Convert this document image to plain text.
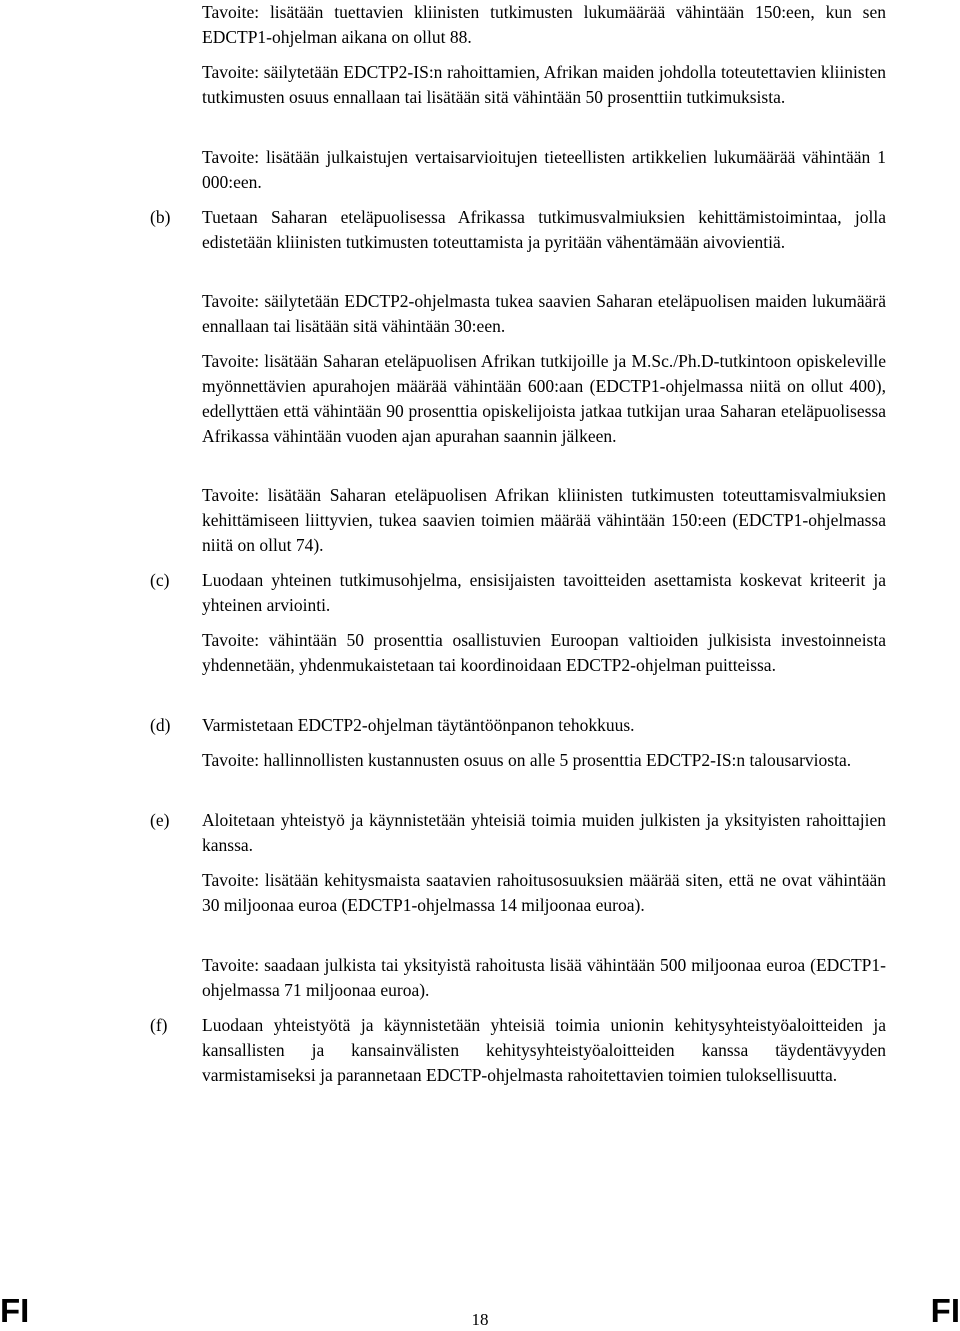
Tavoite: lisätään tuettavien kliinisten tutkimusten lukumäärää vähintään 150:een, kun sen EDCTP1-ohjelman aikana on ollut 88.

Tavoite: säilytetään EDCTP2-IS:n rahoittamien, Afrikan maiden johdolla toteutettavien kliinisten tutkimusten osuus ennallaan tai lisätään sitä vähintään 50 prosenttiin tutkimuksista.

Tavoite: lisätään julkaistujen vertaisarvioitujen tieteellisten artikkelien lukumäärää vähintään 1 000:een.

(b)	Tuetaan Saharan eteläpuolisessa Afrikassa tutkimusvalmiuksien kehittämistoimintaa, jolla edistetään kliinisten tutkimusten toteuttamista ja pyritään vähentämään aivovientiä.

Tavoite: säilytetään EDCTP2-ohjelmasta tukea saavien Saharan eteläpuolisen maiden lukumäärä ennallaan tai lisätään sitä vähintään 30:een.

Tavoite: lisätään Saharan eteläpuolisen Afrikan tutkijoille ja M.Sc./Ph.D-tutkintoon opiskeleville myönnettävien apurahojen määrää vähintään 600:aan (EDCTP1-ohjelmassa niitä on ollut 400), edellyttäen että vähintään 90 prosenttia opiskelijoista jatkaa tutkijan uraa Saharan eteläpuolisessa Afrikassa vähintään vuoden ajan apurahan saannin jälkeen.

Tavoite: lisätään Saharan eteläpuolisen Afrikan kliinisten tutkimusten toteuttamisvalmiuksien kehittämiseen liittyvien, tukea saavien toimien määrää vähintään 150:een (EDCTP1-ohjelmassa niitä on ollut 74).

(c)	Luodaan yhteinen tutkimusohjelma, ensisijaisten tavoitteiden asettamista koskevat kriteerit ja yhteinen arviointi.

Tavoite: vähintään 50 prosenttia osallistuvien Euroopan valtioiden julkisista investoinneista yhdennetään, yhdenmukaistetaan tai koordinoidaan EDCTP2-ohjelman puitteissa.

(d)	Varmistetaan EDCTP2-ohjelman täytäntöönpanon tehokkuus.

Tavoite: hallinnollisten kustannusten osuus on alle 5 prosenttia EDCTP2-IS:n talousarviosta.

(e)	Aloitetaan yhteistyö ja käynnistetään yhteisiä toimia muiden julkisten ja yksityisten rahoittajien kanssa.

Tavoite: lisätään kehitysmaista saatavien rahoitusosuuksien määrää siten, että ne ovat vähintään 30 miljoonaa euroa (EDCTP1-ohjelmassa 14 miljoonaa euroa).

Tavoite: saadaan julkista tai yksityistä rahoitusta lisää vähintään 500 miljoonaa euroa (EDCTP1-ohjelmassa 71 miljoonaa euroa).

(f)	Luodaan yhteistyötä ja käynnistetään yhteisiä toimia unionin kehitysyhteistyöaloitteiden ja kansallisten ja kansainvälisten kehitysyhteistyöaloitteiden kanssa täydentävyyden varmistamiseksi ja parannetaan EDCTP-ohjelmasta rahoitettavien toimien tuloksellisuutta.

FI	18	FI
